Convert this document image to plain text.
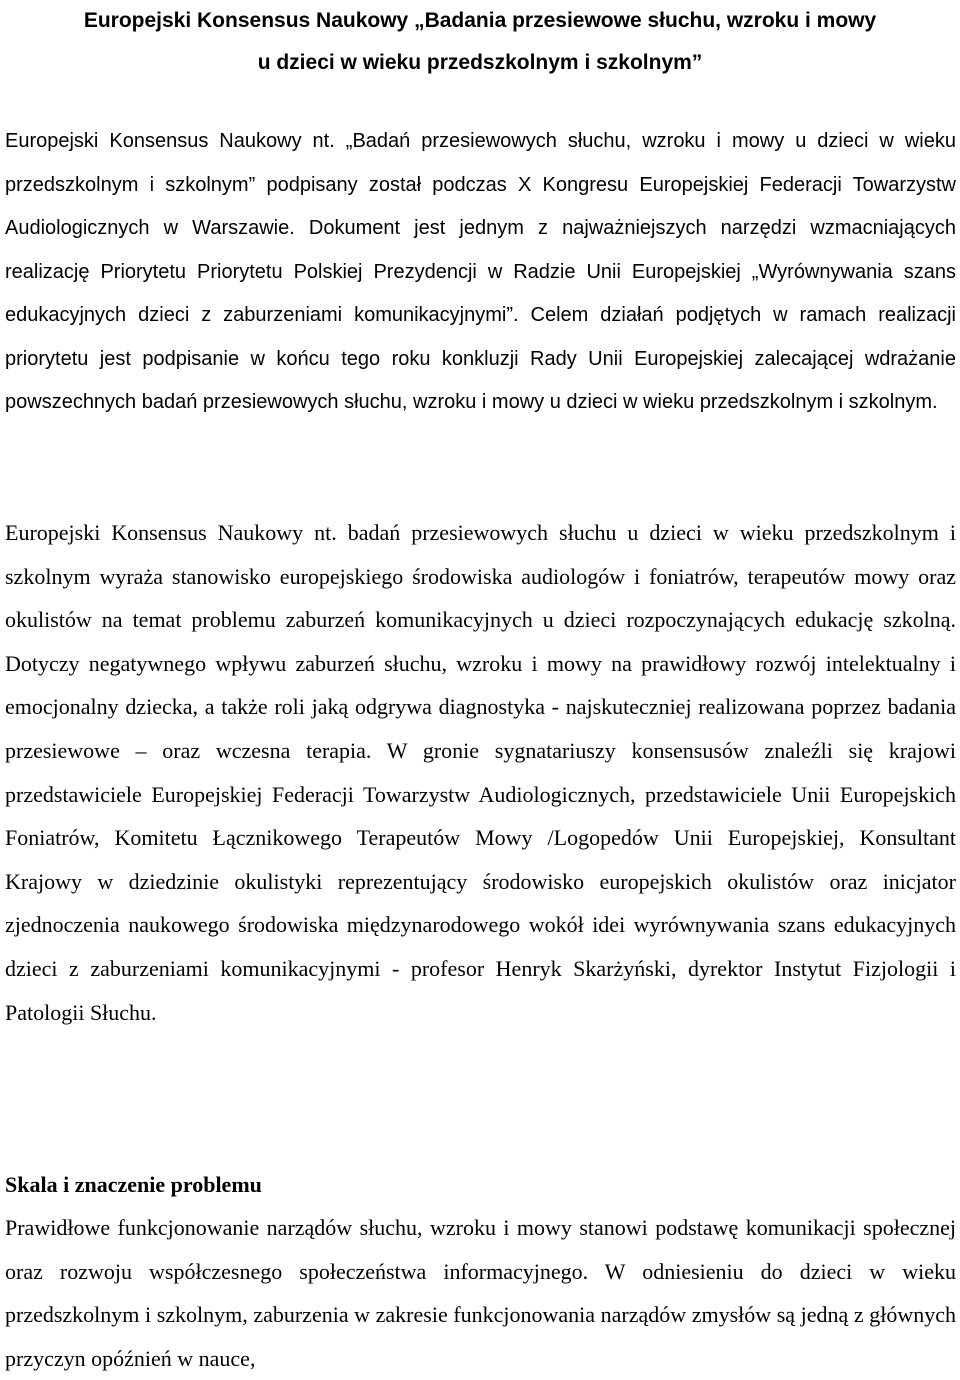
Europejski Konsensus Naukowy „Badania przesiewowe słuchu, wzroku i mowy
u dzieci w wieku przedszkolnym i szkolnym”

Europejski Konsensus Naukowy nt. „Badań przesiewowych słuchu, wzroku i mowy u dzieci w wieku przedszkolnym i szkolnym” podpisany został podczas X Kongresu Europejskiej Federacji Towarzystw Audiologicznych w Warszawie. Dokument jest jednym z najważniejszych narzędzi wzmacniających realizację Priorytetu Priorytetu Polskiej Prezydencji w Radzie Unii Europejskiej „Wyrównywania szans edukacyjnych dzieci z zaburzeniami komunikacyjnymi”. Celem działań podjętych w ramach realizacji priorytetu jest podpisanie w końcu tego roku konkluzji Rady Unii Europejskiej zalecającej wdrażanie powszechnych badań przesiewowych słuchu, wzroku i mowy u dzieci w wieku przedszkolnym i szkolnym.

Europejski Konsensus Naukowy nt. badań przesiewowych słuchu u dzieci w wieku przedszkolnym i szkolnym wyraża stanowisko europejskiego środowiska audiologów i foniatrów, terapeutów mowy oraz okulistów na temat problemu zaburzeń komunikacyjnych u dzieci rozpoczynających edukację szkolną. Dotyczy negatywnego wpływu zaburzeń słuchu, wzroku i mowy na prawidłowy rozwój intelektualny i emocjonalny dziecka, a także roli jaką odgrywa diagnostyka - najskuteczniej realizowana poprzez badania przesiewowe – oraz wczesna terapia. W gronie sygnatariuszy konsensusów znaleźli się krajowi przedstawiciele Europejskiej Federacji Towarzystw Audiologicznych, przedstawiciele Unii Europejskich Foniatrów, Komitetu Łącznikowego Terapeutów Mowy /Logopedów Unii Europejskiej, Konsultant Krajowy w dziedzinie okulistyki reprezentujący środowisko europejskich okulistów oraz inicjator zjednoczenia naukowego środowiska międzynarodowego wokół idei wyrównywania szans edukacyjnych dzieci z zaburzeniami komunikacyjnymi - profesor Henryk Skarżyński, dyrektor Instytut Fizjologii i Patologii Słuchu.

Skala i znaczenie problemu

Prawidłowe funkcjonowanie narządów słuchu, wzroku i mowy stanowi podstawę komunikacji społecznej oraz rozwoju współczesnego społeczeństwa informacyjnego. W odniesieniu do dzieci w wieku przedszkolnym i szkolnym, zaburzenia w zakresie funkcjonowania narządów zmysłów są jedną z głównych przyczyn opóźnień w nauce,
